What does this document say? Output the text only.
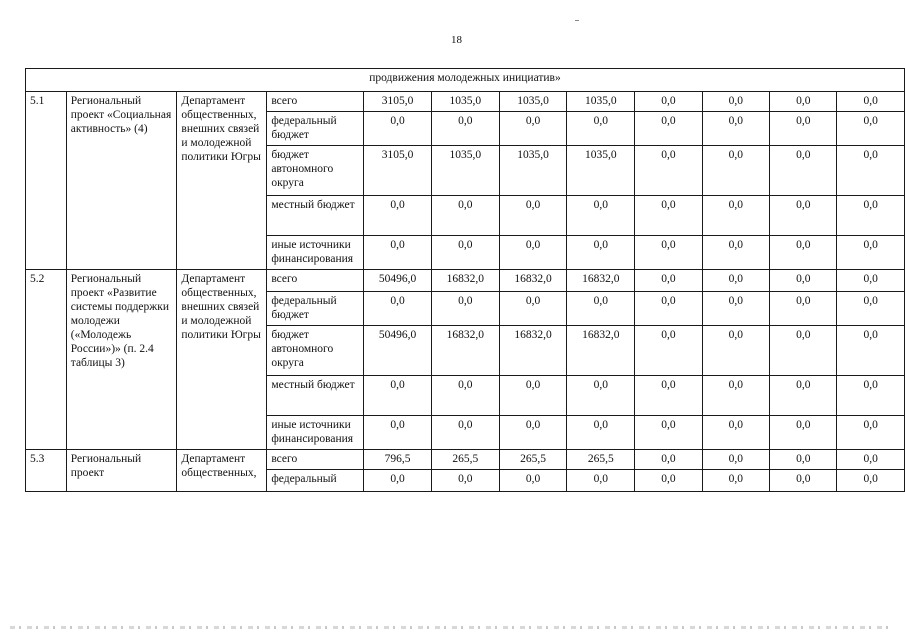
18
продвижения молодежных инициатив»											
5.1	Региональный проект «Социальная активность» (4)	Департамент общественных, внешних связей и молодежной политики Югры	всего	3105,0	1035,0	1035,0	1035,0	0,0	0,0	0,0	0,0
			федеральный бюджет	0,0	0,0	0,0	0,0	0,0	0,0	0,0	0,0
			бюджет автономного округа	3105,0	1035,0	1035,0	1035,0	0,0	0,0	0,0	0,0
			местный бюджет	0,0	0,0	0,0	0,0	0,0	0,0	0,0	0,0
			иные источники финансирования	0,0	0,0	0,0	0,0	0,0	0,0	0,0	0,0
5.2	Региональный проект «Развитие системы поддержки молодежи («Молодежь России»)» (п. 2.4 таблицы 3)	Департамент общественных, внешних связей и молодежной политики Югры	всего	50496,0	16832,0	16832,0	16832,0	0,0	0,0	0,0	0,0
			федеральный бюджет	0,0	0,0	0,0	0,0	0,0	0,0	0,0	0,0
			бюджет автономного округа	50496,0	16832,0	16832,0	16832,0	0,0	0,0	0,0	0,0
			местный бюджет	0,0	0,0	0,0	0,0	0,0	0,0	0,0	0,0
			иные источники финансирования	0,0	0,0	0,0	0,0	0,0	0,0	0,0	0,0
5.3	Региональный проект	Департамент общественных,	всего	796,5	265,5	265,5	265,5	0,0	0,0	0,0	0,0
			федеральный	0,0	0,0	0,0	0,0	0,0	0,0	0,0	0,0
